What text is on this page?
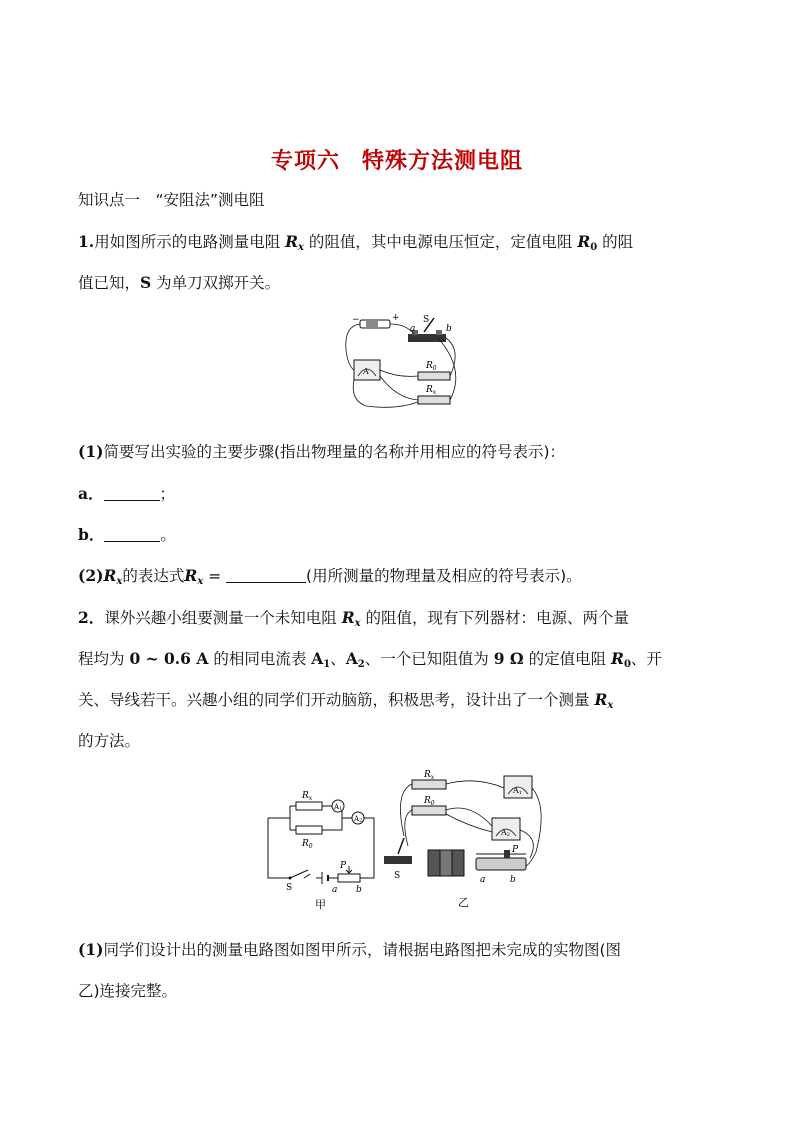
专项六 特殊方法测电阻
知识点一　“安阻法”测电阻
1.用如图所示的电路测量电阻 $R_x$ 的阻值，其中电源电压恒定，定值电阻 $R_0$ 的阻
值已知，S 为单刀双掷开关。
−	+	S
a	b
A
$R_0$
$R_x$
(1)简要写出实验的主要步骤(指出物理量的名称并用相应的符号表示)：
a．	；
b．	。
$(2)R_x$的表达式$R_x$ =	(用所测量的物理量及相应的符号表示)。
2．课外兴趣小组要测量一个未知电阻 $R_x$ 的阻值，现有下列器材：电源、两个量
程均为 0 ~ 0.6 A 的相同电流表 $A_1$、$A_2$、一个已知阻值为 9 Ω 的定值电阻 $R_0$、开
关、导线若干。兴趣小组的同学们开动脑筋，积极思考，设计出了一个测量 $R_x$
的方法。
$R_x$
$R_0$
A1
A2
S
P
a b
甲
$R_x$
$R_0$
A1
A2
S
P
a	b
乙
(1)同学们设计出的测量电路图如图甲所示，请根据电路图把未完成的实物图(图
乙)连接完整。
